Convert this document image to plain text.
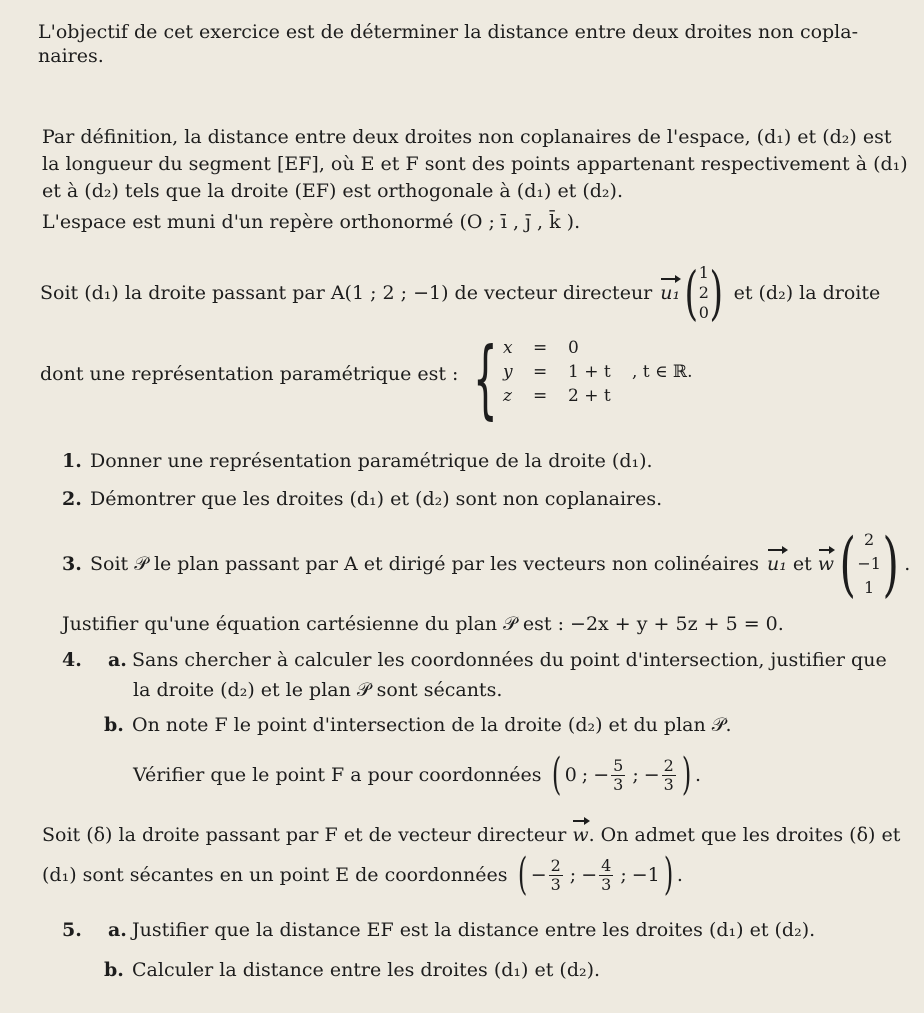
L'objectif de cet exercice est de déterminer la distance entre deux droites non copla-
naires.
Par définition, la distance entre deux droites non coplanaires de l'espace, (d₁) et (d₂) est
la longueur du segment [EF], où E et F sont des points appartenant respectivement à (d₁)
et à (d₂) tels que la droite (EF) est orthogonale à (d₁) et (d₂).
L'espace est muni d'un repère orthonormé (O ; ī , j̄ , k̄ ).
Soit (d₁) la droite passant par A(1 ; 2 ; −1) de vecteur directeur u₁ ( 1
2
0 ) et (d₂) la droite
dont une représentation paramétrique est : { x = 0
y = 1 + t , t ∈ ℝ.
z = 2 + t
1. Donner une représentation paramétrique de la droite (d₁).
2. Démontrer que les droites (d₁) et (d₂) sont non coplanaires.
3. Soit 𝒫 le plan passant par A et dirigé par les vecteurs non colinéaires u₁ et w ( 2
−1
1 ) .
Justifier qu'une équation cartésienne du plan 𝒫 est : −2x + y + 5z + 5 = 0.
4. a. Sans chercher à calculer les coordonnées du point d'intersection, justifier que
la droite (d₂) et le plan 𝒫 sont sécants.
b. On note F le point d'intersection de la droite (d₂) et du plan 𝒫.
Vérifier que le point F a pour coordonnées ( 0 ; − $\frac{5}{3}$ ; − $\frac{2}{3}$ ) .
Soit (δ) la droite passant par F et de vecteur directeur w. On admet que les droites (δ) et
(d₁) sont sécantes en un point E de coordonnées ( − $\frac{2}{3}$ ; − $\frac{4}{3}$ ; −1 ) .
5. a. Justifier que la distance EF est la distance entre les droites (d₁) et (d₂).
b. Calculer la distance entre les droites (d₁) et (d₂).
